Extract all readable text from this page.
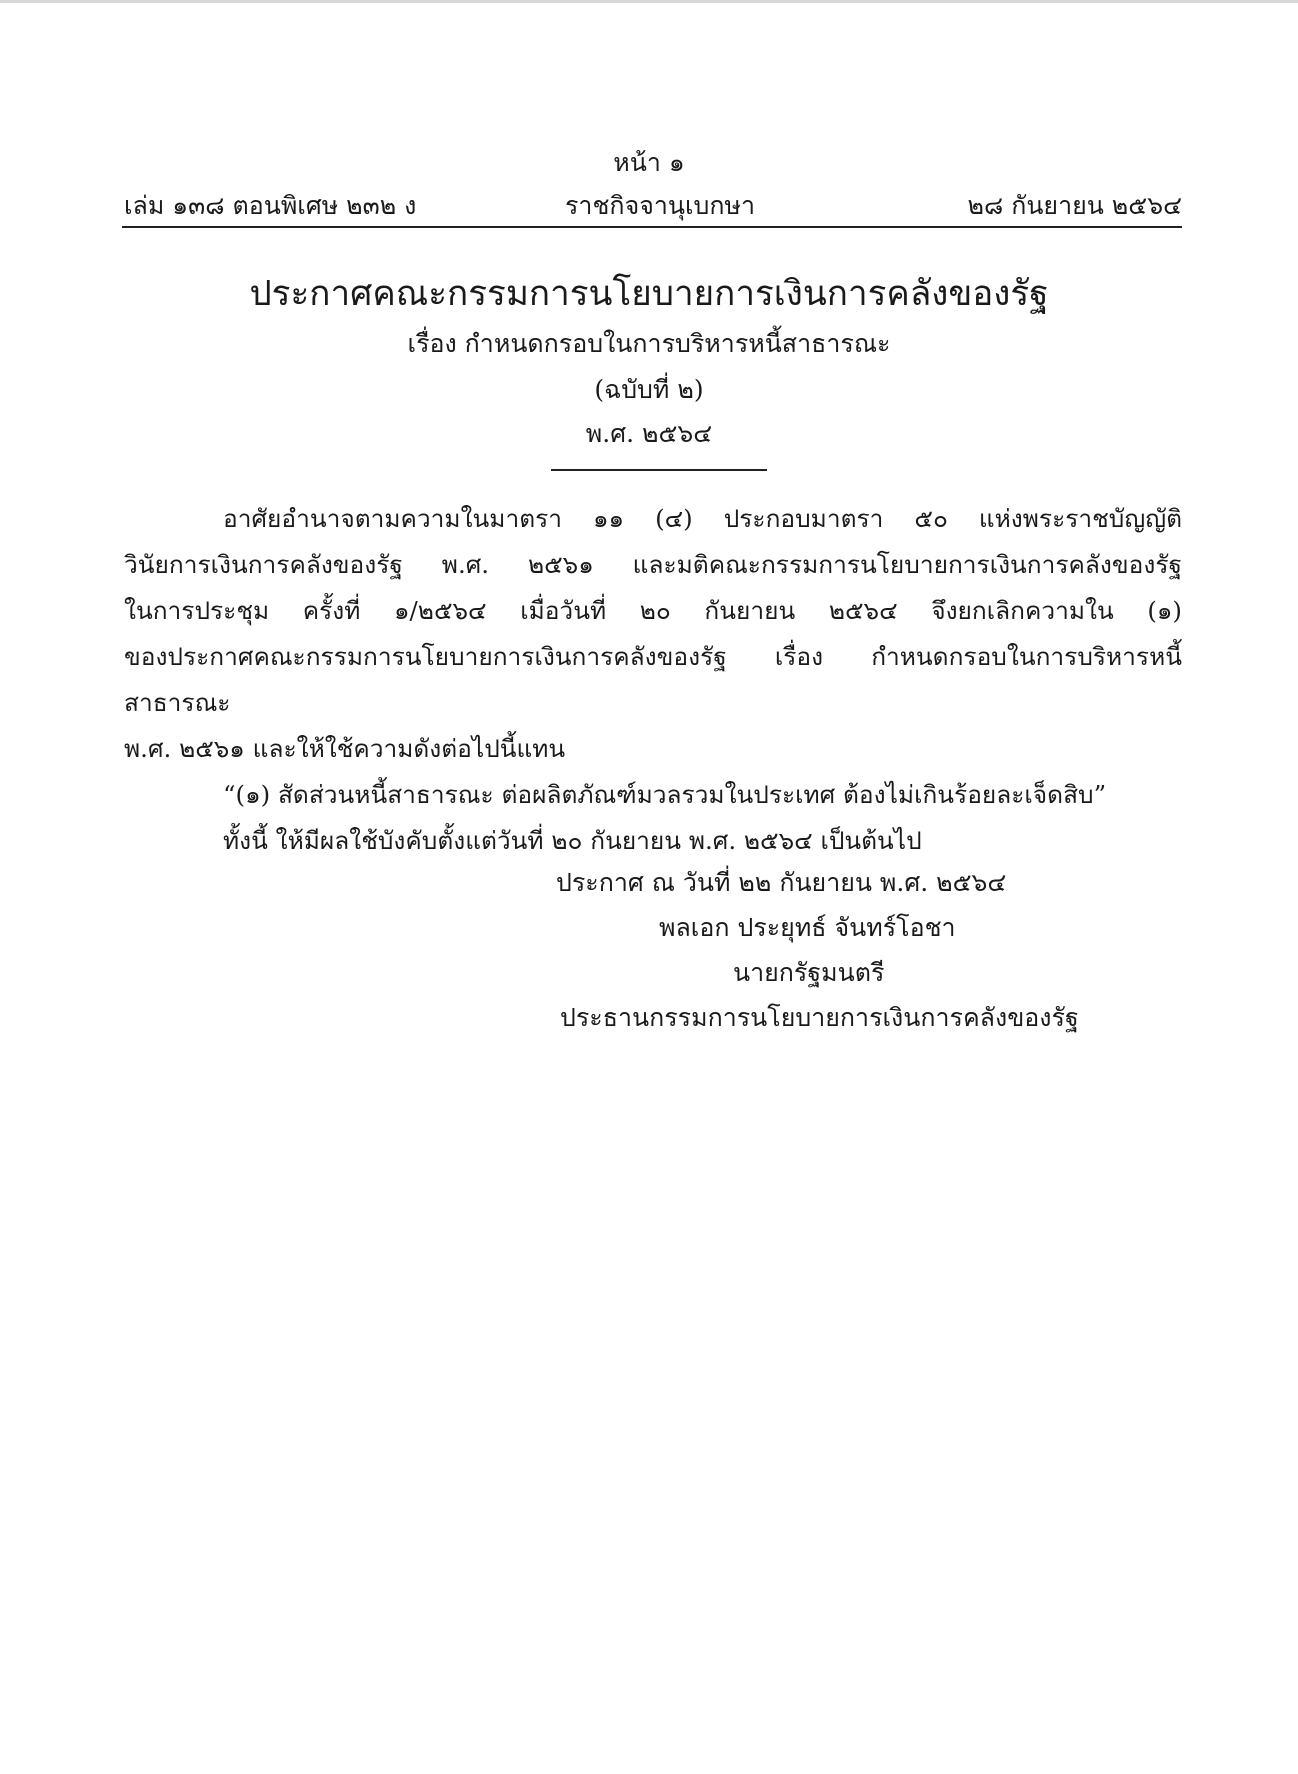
หน้า ๑
เล่ม ๑๓๘ ตอนพิเศษ ๒๓๒ ง	ราชกิจจานุเบกษา	๒๘ กันยายน ๒๕๖๔
ประกาศคณะกรรมการนโยบายการเงินการคลังของรัฐ
เรื่อง กำหนดกรอบในการบริหารหนี้สาธารณะ
(ฉบับที่ ๒)
พ.ศ. ๒๕๖๔

อาศัยอำนาจตามความในมาตรา ๑๑ (๔) ประกอบมาตรา ๕๐ แห่งพระราชบัญญัติ

วินัยการเงินการคลังของรัฐ พ.ศ. ๒๕๖๑ และมติคณะกรรมการนโยบายการเงินการคลังของรัฐ

ในการประชุม ครั้งที่ ๑/๒๕๖๔ เมื่อวันที่ ๒๐ กันยายน ๒๕๖๔ จึงยกเลิกความใน (๑)

ของประกาศคณะกรรมการนโยบายการเงินการคลังของรัฐ เรื่อง กำหนดกรอบในการบริหารหนี้สาธารณะ

พ.ศ. ๒๕๖๑ และให้ใช้ความดังต่อไปนี้แทน

“(๑) สัดส่วนหนี้สาธารณะ ต่อผลิตภัณฑ์มวลรวมในประเทศ ต้องไม่เกินร้อยละเจ็ดสิบ”

ทั้งนี้ ให้มีผลใช้บังคับตั้งแต่วันที่ ๒๐ กันยายน พ.ศ. ๒๕๖๔ เป็นต้นไป

ประกาศ ณ วันที่ ๒๒ กันยายน พ.ศ. ๒๕๖๔
พลเอก ประยุทธ์ จันทร์โอชา
นายกรัฐมนตรี
ประธานกรรมการนโยบายการเงินการคลังของรัฐ
